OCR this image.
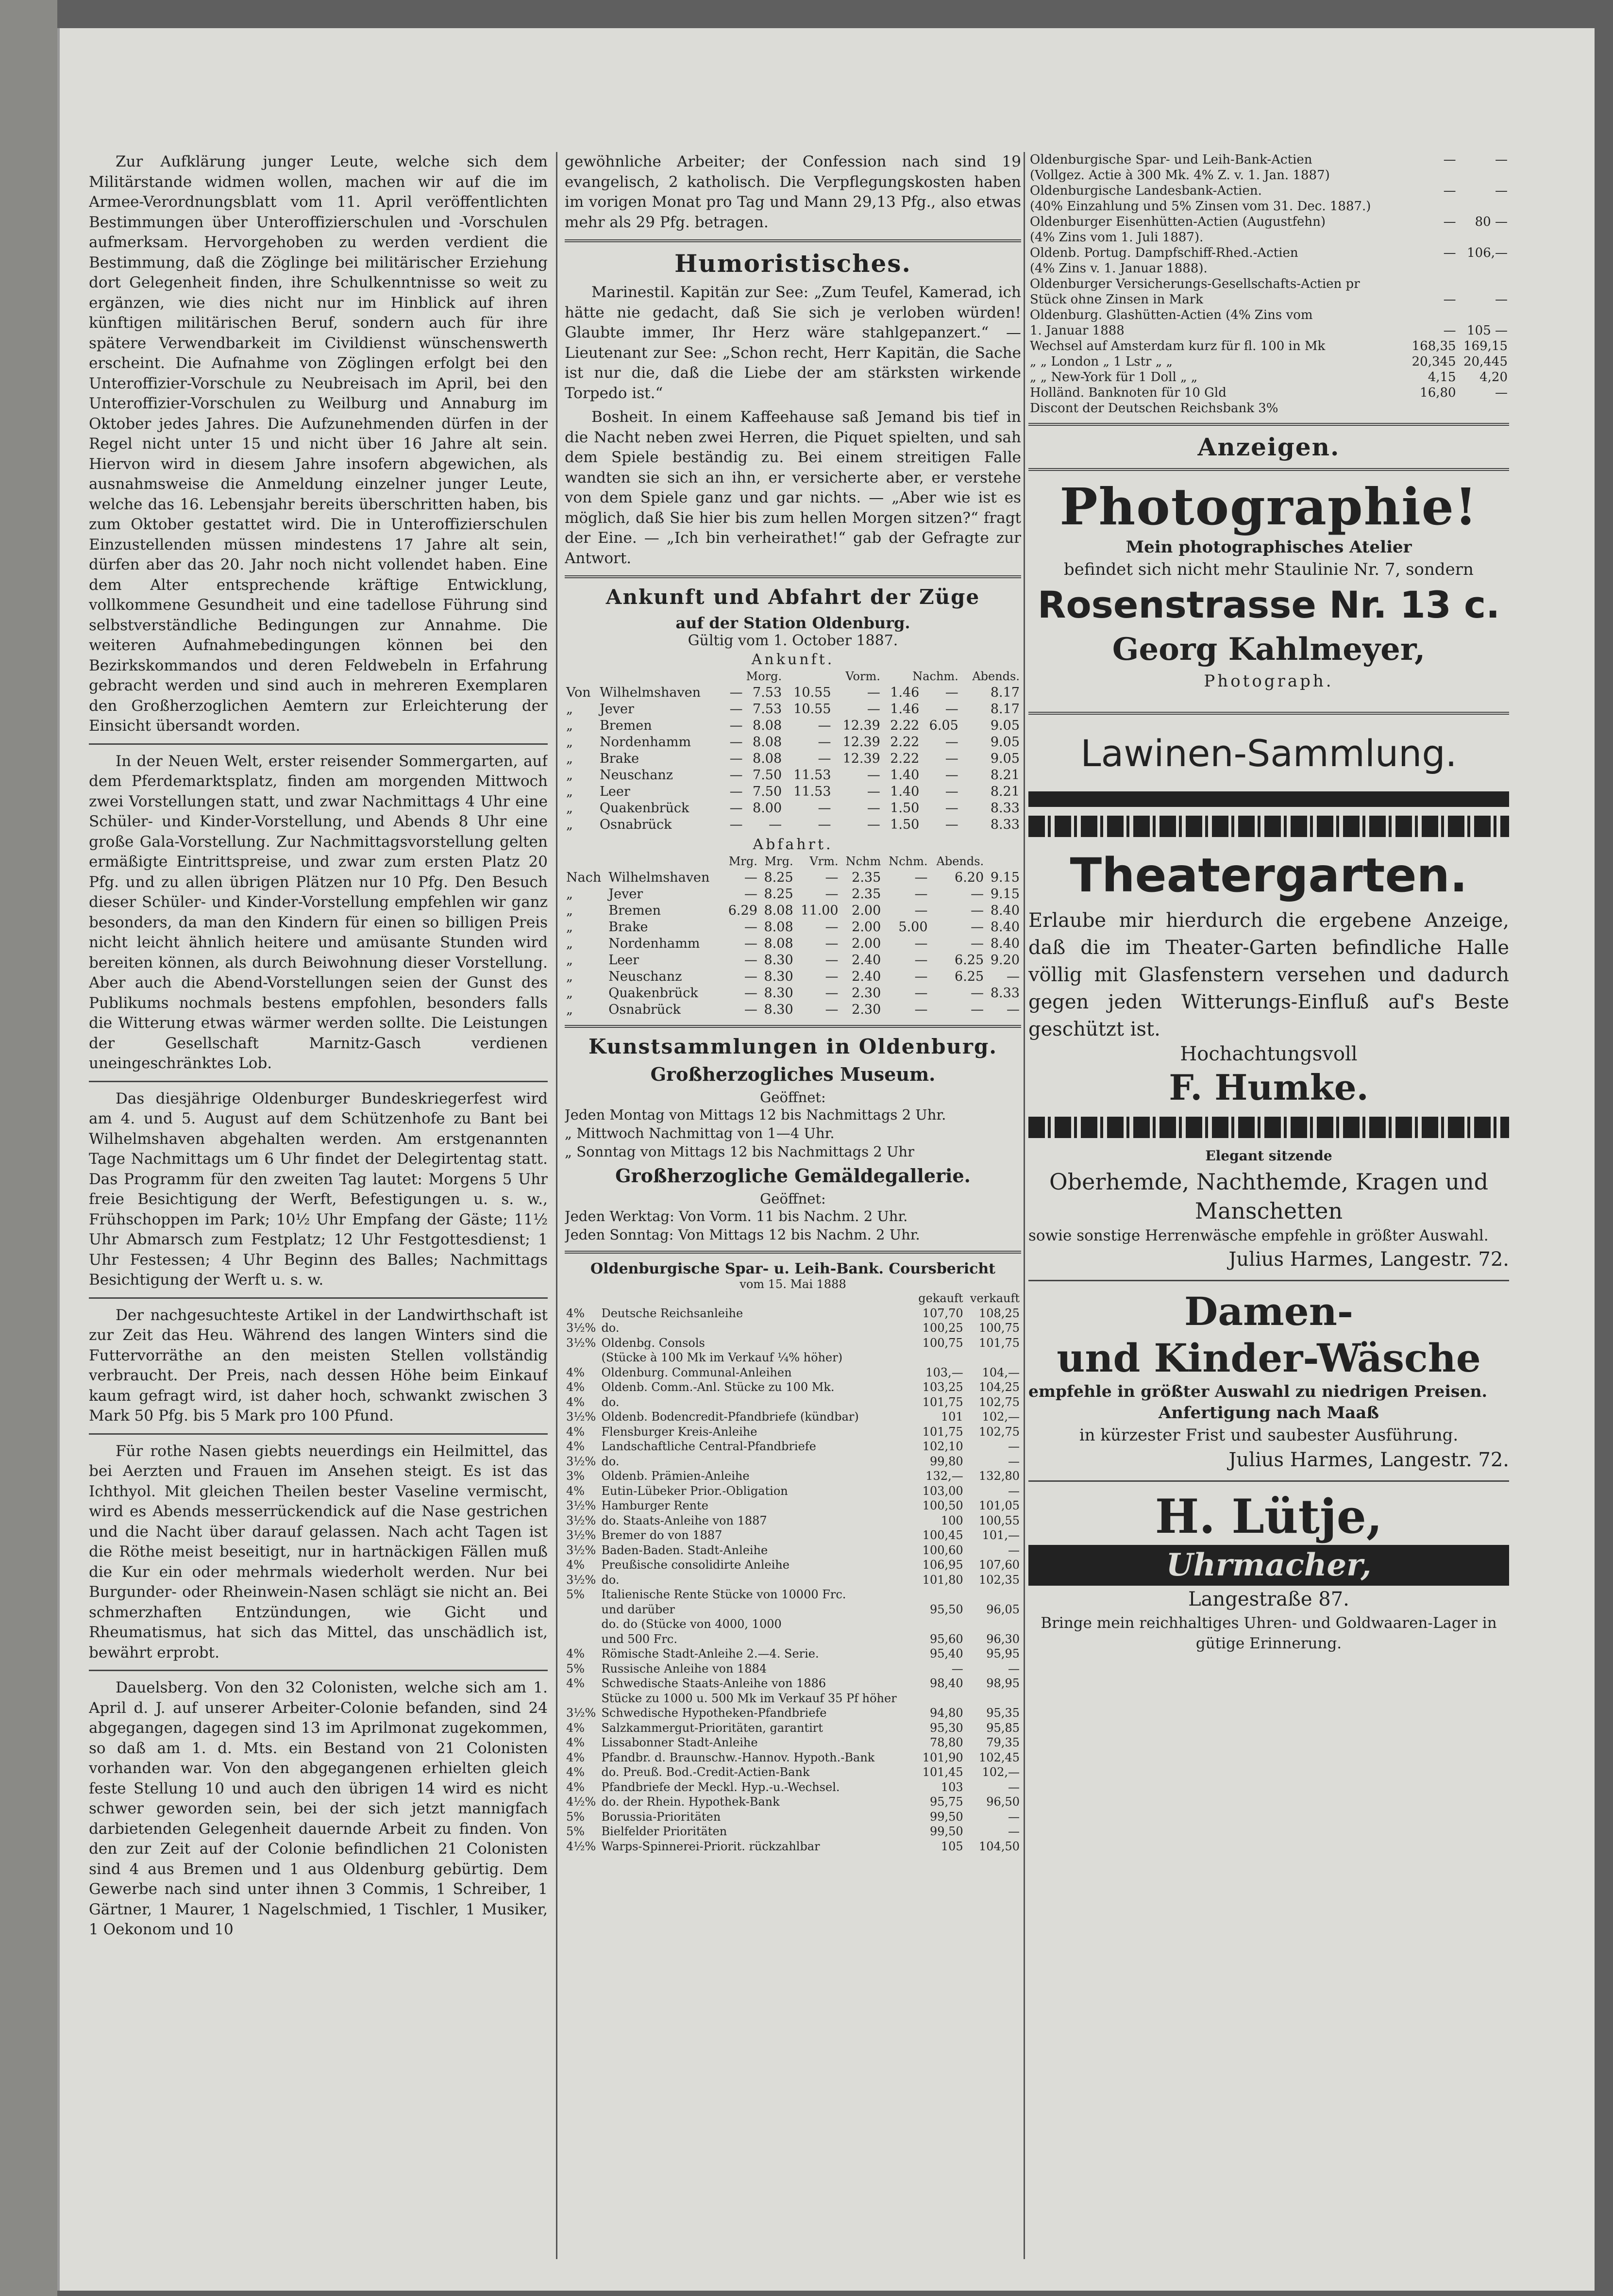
Zur Aufklärung junger Leute, welche sich dem Militärstande widmen wollen, machen wir auf die im Armee-Verordnungsblatt vom 11. April veröffentlichten Bestimmungen über Unteroffizierschulen und -Vorschulen aufmerksam. Hervorgehoben zu werden verdient die Bestimmung, daß die Zöglinge bei militärischer Erziehung dort Gelegenheit finden, ihre Schulkenntnisse so weit zu ergänzen, wie dies nicht nur im Hinblick auf ihren künftigen militärischen Beruf, sondern auch für ihre spätere Verwendbarkeit im Civildienst wünschenswerth erscheint. Die Aufnahme von Zöglingen erfolgt bei den Unteroffizier-Vorschule zu Neubreisach im April, bei den Unteroffizier-Vorschulen zu Weilburg und Annaburg im Oktober jedes Jahres. Die Aufzunehmenden dürfen in der Regel nicht unter 15 und nicht über 16 Jahre alt sein. Hiervon wird in diesem Jahre insofern abgewichen, als ausnahmsweise die Anmeldung einzelner junger Leute, welche das 16. Lebensjahr bereits überschritten haben, bis zum Oktober gestattet wird. Die in Unteroffizierschulen Einzustellenden müssen mindestens 17 Jahre alt sein, dürfen aber das 20. Jahr noch nicht vollendet haben. Eine dem Alter entsprechende kräftige Entwicklung, vollkommene Gesundheit und eine tadellose Führung sind selbstverständliche Bedingungen zur Annahme. Die weiteren Aufnahmebedingungen können bei den Bezirkskommandos und deren Feldwebeln in Erfahrung gebracht werden und sind auch in mehreren Exemplaren den Großherzoglichen Aemtern zur Erleichterung der Einsicht übersandt worden.

In der Neuen Welt, erster reisender Sommergarten, auf dem Pferdemarktsplatz, finden am morgenden Mittwoch zwei Vorstellungen statt, und zwar Nachmittags 4 Uhr eine Schüler- und Kinder-Vorstellung, und Abends 8 Uhr eine große Gala-Vorstellung. Zur Nachmittagsvorstellung gelten ermäßigte Eintrittspreise, und zwar zum ersten Platz 20 Pfg. und zu allen übrigen Plätzen nur 10 Pfg. Den Besuch dieser Schüler- und Kinder-Vorstellung empfehlen wir ganz besonders, da man den Kindern für einen so billigen Preis nicht leicht ähnlich heitere und amüsante Stunden wird bereiten können, als durch Beiwohnung dieser Vorstellung. Aber auch die Abend-Vorstellungen seien der Gunst des Publikums nochmals bestens empfohlen, besonders falls die Witterung etwas wärmer werden sollte. Die Leistungen der Gesellschaft Marnitz-Gasch verdienen uneingeschränktes Lob.

Das diesjährige Oldenburger Bundeskriegerfest wird am 4. und 5. August auf dem Schützenhofe zu Bant bei Wilhelmshaven abgehalten werden. Am erstgenannten Tage Nachmittags um 6 Uhr findet der Delegirtentag statt. Das Programm für den zweiten Tag lautet: Morgens 5 Uhr freie Besichtigung der Werft, Befestigungen u. s. w., Frühschoppen im Park; 10½ Uhr Empfang der Gäste; 11½ Uhr Abmarsch zum Festplatz; 12 Uhr Festgottesdienst; 1 Uhr Festessen; 4 Uhr Beginn des Balles; Nachmittags Besichtigung der Werft u. s. w.

Der nachgesuchteste Artikel in der Landwirthschaft ist zur Zeit das Heu. Während des langen Winters sind die Futtervorräthe an den meisten Stellen vollständig verbraucht. Der Preis, nach dessen Höhe beim Einkauf kaum gefragt wird, ist daher hoch, schwankt zwischen 3 Mark 50 Pfg. bis 5 Mark pro 100 Pfund.

Für rothe Nasen giebts neuerdings ein Heilmittel, das bei Aerzten und Frauen im Ansehen steigt. Es ist das Ichthyol. Mit gleichen Theilen bester Vaseline vermischt, wird es Abends messerrückendick auf die Nase gestrichen und die Nacht über darauf gelassen. Nach acht Tagen ist die Röthe meist beseitigt, nur in hartnäckigen Fällen muß die Kur ein oder mehrmals wiederholt werden. Nur bei Burgunder- oder Rheinwein-Nasen schlägt sie nicht an. Bei schmerzhaften Entzündungen, wie Gicht und Rheumatismus, hat sich das Mittel, das unschädlich ist, bewährt erprobt.

Dauelsberg. Von den 32 Colonisten, welche sich am 1. April d. J. auf unserer Arbeiter-Colonie befanden, sind 24 abgegangen, dagegen sind 13 im Aprilmonat zugekommen, so daß am 1. d. Mts. ein Bestand von 21 Colonisten vorhanden war. Von den abgegangenen erhielten gleich feste Stellung 10 und auch den übrigen 14 wird es nicht schwer geworden sein, bei der sich jetzt mannigfach darbietenden Gelegenheit dauernde Arbeit zu finden. Von den zur Zeit auf der Colonie befindlichen 21 Colonisten sind 4 aus Bremen und 1 aus Oldenburg gebürtig. Dem Gewerbe nach sind unter ihnen 3 Commis, 1 Schreiber, 1 Gärtner, 1 Maurer, 1 Nagelschmied, 1 Tischler, 1 Musiker, 1 Oekonom und 10

gewöhnliche Arbeiter; der Confession nach sind 19 evangelisch, 2 katholisch. Die Verpflegungskosten haben im vorigen Monat pro Tag und Mann 29,13 Pfg., also etwas mehr als 29 Pfg. betragen.

Humoristisches.

Marinestil. Kapitän zur See: „Zum Teufel, Kamerad, ich hätte nie gedacht, daß Sie sich je verloben würden! Glaubte immer, Ihr Herz wäre stahlgepanzert.“ — Lieutenant zur See: „Schon recht, Herr Kapitän, die Sache ist nur die, daß die Liebe der am stärksten wirkende Torpedo ist.“

Bosheit. In einem Kaffeehause saß Jemand bis tief in die Nacht neben zwei Herren, die Piquet spielten, und sah dem Spiele beständig zu. Bei einem streitigen Falle wandten sie sich an ihn, er versicherte aber, er verstehe von dem Spiele ganz und gar nichts. — „Aber wie ist es möglich, daß Sie hier bis zum hellen Morgen sitzen?“ fragt der Eine. — „Ich bin verheirathet!“ gab der Gefragte zur Antwort.

Ankunft und Abfahrt der Züge
auf der Station Oldenburg.
Gültig vom 1. October 1887.
Ankunft.
		Morg.		Vorm.		Nachm.		Abends.
Von	Wilhelmshaven	—	7.53	10.55	—	1.46	—	8.17
„	Jever	—	7.53	10.55	—	1.46	—	8.17
„	Bremen	—	8.08	—	12.39	2.22	6.05	9.05
„	Nordenhamm	—	8.08	—	12.39	2.22	—	9.05
„	Brake	—	8.08	—	12.39	2.22	—	9.05
„	Neuschanz	—	7.50	11.53	—	1.40	—	8.21
„	Leer	—	7.50	11.53	—	1.40	—	8.21
„	Quakenbrück	—	8.00	—	—	1.50	—	8.33
„	Osnabrück	—	—	—	—	1.50	—	8.33
Abfahrt.
		Mrg.	Mrg.	Vrm.	Nchm	Nchm.	Abends.	
Nach	Wilhelmshaven	—	8.25	—	2.35	—	6.20	9.15
„	Jever	—	8.25	—	2.35	—	—	9.15
„	Bremen	6.29	8.08	11.00	2.00	—	—	8.40
„	Brake	—	8.08	—	2.00	5.00	—	8.40
„	Nordenhamm	—	8.08	—	2.00	—	—	8.40
„	Leer	—	8.30	—	2.40	—	6.25	9.20
„	Neuschanz	—	8.30	—	2.40	—	6.25	—
„	Quakenbrück	—	8.30	—	2.30	—	—	8.33
„	Osnabrück	—	8.30	—	2.30	—	—	—
Kunstsammlungen in Oldenburg.
Großherzogliches Museum.
Geöffnet:
Jeden Montag von Mittags 12 bis Nachmittags 2 Uhr.
„ Mittwoch Nachmittag von 1—4 Uhr.
„ Sonntag von Mittags 12 bis Nachmittags 2 Uhr
Großherzogliche Gemäldegallerie.
Geöffnet:
Jeden Werktag: Von Vorm. 11 bis Nachm. 2 Uhr.
Jeden Sonntag: Von Mittags 12 bis Nachm. 2 Uhr.
Oldenburgische Spar- u. Leih-Bank. Coursbericht
vom 15. Mai 1888
		gekauft	verkauft
4%	Deutsche Reichsanleihe	107,70	108,25
3½%	do.	100,25	100,75
3½%	Oldenbg. Consols	100,75	101,75
	(Stücke à 100 Mk im Verkauf ¼% höher)		
4%	Oldenburg. Communal-Anleihen	103,—	104,—
4%	Oldenb. Comm.-Anl. Stücke zu 100 Mk.	103,25	104,25
4%	do.	101,75	102,75
3½%	Oldenb. Bodencredit-Pfandbriefe (kündbar)	101	102,—
4%	Flensburger Kreis-Anleihe	101,75	102,75
4%	Landschaftliche Central-Pfandbriefe	102,10	—
3½%	do.	99,80	—
3%	Oldenb. Prämien-Anleihe	132,—	132,80
4%	Eutin-Lübeker Prior.-Obligation	103,00	—
3½%	Hamburger Rente	100,50	101,05
3½%	do. Staats-Anleihe von 1887	100	100,55
3½%	Bremer do von 1887	100,45	101,—
3½%	Baden-Baden. Stadt-Anleihe	100,60	—
4%	Preußische consolidirte Anleihe	106,95	107,60
3½%	do.	101,80	102,35
5%	Italienische Rente Stücke von 10000 Frc.		
	und darüber	95,50	96,05
	do. do (Stücke von 4000, 1000		
	und 500 Frc.	95,60	96,30
4%	Römische Stadt-Anleihe 2.—4. Serie.	95,40	95,95
5%	Russische Anleihe von 1884	—	—
4%	Schwedische Staats-Anleihe von 1886	98,40	98,95
	Stücke zu 1000 u. 500 Mk im Verkauf 35 Pf höher		
3½%	Schwedische Hypotheken-Pfandbriefe	94,80	95,35
4%	Salzkammergut-Prioritäten, garantirt	95,30	95,85
4%	Lissabonner Stadt-Anleihe	78,80	79,35
4%	Pfandbr. d. Braunschw.-Hannov. Hypoth.-Bank	101,90	102,45
4%	do. Preuß. Bod.-Credit-Actien-Bank	101,45	102,—
4%	Pfandbriefe der Meckl. Hyp.-u.-Wechsel.	103	—
4½%	do. der Rhein. Hypothek-Bank	95,75	96,50
5%	Borussia-Prioritäten	99,50	—
5%	Bielfelder Prioritäten	99,50	—
4½%	Warps-Spinnerei-Priorit. rückzahlbar	105	104,50
Oldenburgische Spar- und Leih-Bank-Actien	—	—
(Vollgez. Actie à 300 Mk. 4% Z. v. 1. Jan. 1887)		
Oldenburgische Landesbank-Actien.	—	—
(40% Einzahlung und 5% Zinsen vom 31. Dec. 1887.)		
Oldenburger Eisenhütten-Actien (Augustfehn)	—	80 —
(4% Zins vom 1. Juli 1887).		
Oldenb. Portug. Dampfschiff-Rhed.-Actien	—	106,—
(4% Zins v. 1. Januar 1888).		
Oldenburger Versicherungs-Gesellschafts-Actien pr		
Stück ohne Zinsen in Mark	—	—
Oldenburg. Glashütten-Actien (4% Zins vom		
1. Januar 1888	—	105 —
Wechsel auf Amsterdam kurz für fl. 100 in Mk	168,35	169,15
„ „ London „ 1 Lstr „ „	20,345	20,445
„ „ New-York für 1 Doll „ „	4,15	4,20
Holländ. Banknoten für 10 Gld	16,80	—
Discont der Deutschen Reichsbank 3%		
Anzeigen.
Photographie!
Mein photographisches Atelier
befindet sich nicht mehr Staulinie Nr. 7, sondern
Rosenstrasse Nr. 13 c.
Georg Kahlmeyer,
Photograph.
Lawinen-Sammlung.
Theatergarten.
Erlaube mir hierdurch die ergebene Anzeige, daß die im Theater-Garten befindliche Halle völlig mit Glasfenstern versehen und dadurch gegen jeden Witterungs-Einfluß auf's Beste geschützt ist.
Hochachtungsvoll
F. Humke.
Elegant sitzende
Oberhemde, Nachthemde, Kragen und Manschetten
sowie sonstige Herrenwäsche empfehle in größter Auswahl.
Julius Harmes, Langestr. 72.
Damen-
und Kinder-Wäsche
empfehle in größter Auswahl zu niedrigen Preisen.
Anfertigung nach Maaß
in kürzester Frist und saubester Ausführung.
Julius Harmes, Langestr. 72.
H. Lütje,
Uhrmacher,
Langestraße 87.
Bringe mein reichhaltiges Uhren- und Goldwaaren-Lager in gütige Erinnerung.
